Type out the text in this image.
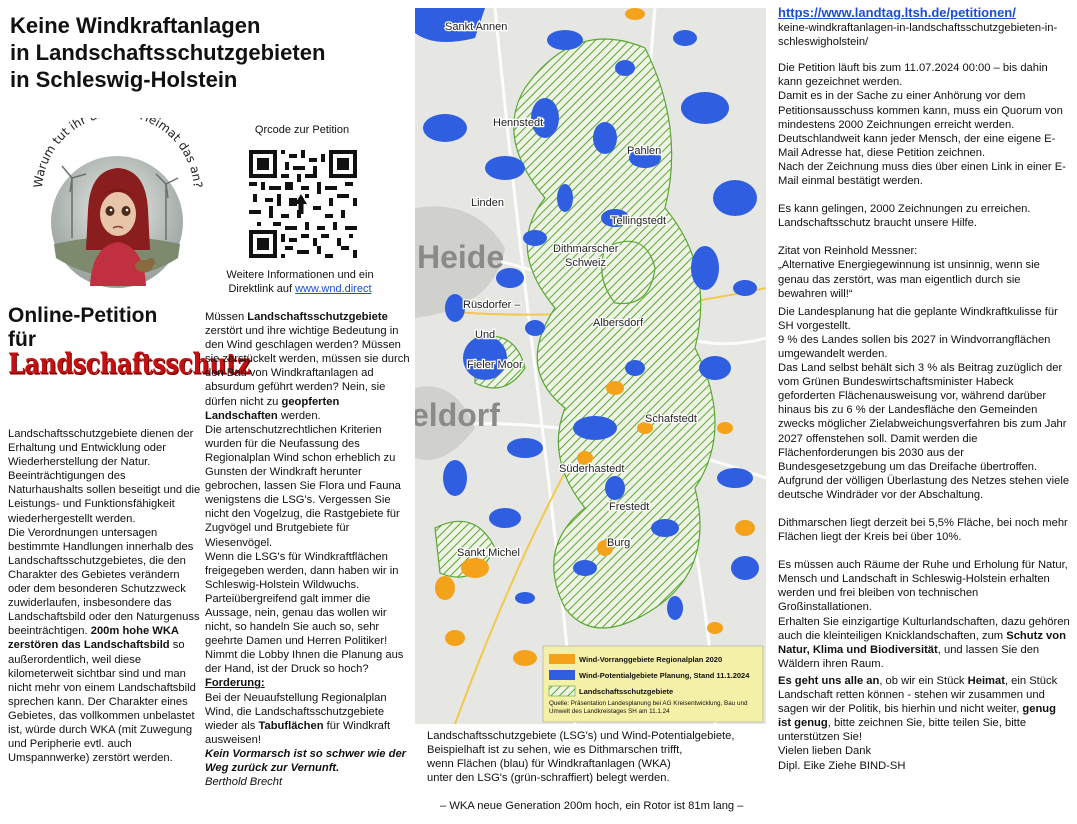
Keine Windkraftanlagen
in Landschaftsschutzgebieten
in Schleswig-Holstein
Warum tut ihr eimat das an?
Qrcode zur Petition
Weitere Informationen und ein Direktlink auf www.wnd.direct
Online-Petition
für
Landschaftsschutz

Landschaftsschutzgebiete dienen der Erhaltung und Entwicklung oder Wiederherstellung der Natur. Beeinträchtigungen des Naturhaushalts sollen beseitigt und die Leistungs- und Funktionsfähigkeit wiederhergestellt werden.

Die Verordnungen untersagen bestimmte Handlungen innerhalb des Landschaftsschutzgebietes, die den Charakter des Gebietes verändern oder dem besonderen Schutzzweck zuwiderlaufen, insbesondere das Landschaftsbild oder den Naturgenuss beeinträchtigen. 200m hohe WKA zerstören das Landschaftsbild so außerordentlich, weil diese kilometerweit sichtbar sind und man nicht mehr von einem Landschaftsbild sprechen kann. Der Charakter eines Gebietes, das vollkommen unbelastet ist, würde durch WKA (mit Zuwegung und Peripherie evtl. auch Umspannwerke) zerstört werden.

Müssen Landschaftsschutzgebiete zerstört und ihre wichtige Bedeutung in den Wind geschlagen werden? Müssen sie zerstückelt werden, müssen sie durch den Bau von Windkraftanlagen ad absurdum geführt werden? Nein, sie dürfen nicht zu geopferten Landschaften werden.

Die artenschutzrechtlichen Kriterien wurden für die Neufassung des Regionalplan Wind schon erheblich zu Gunsten der Windkraft herunter gebrochen, lassen Sie Flora und Fauna wenigstens die LSG's. Vergessen Sie nicht den Vogelzug, die Rastgebiete für Zugvögel und Brutgebiete für Wiesenvögel.

Wenn die LSG's für Windkraftflächen freigegeben werden, dann haben wir in Schleswig-Holstein Wildwuchs. Parteiübergreifend galt immer die Aussage, nein, genau das wollen wir nicht, so handeln Sie auch so, sehr geehrte Damen und Herren Politiker! Nimmt die Lobby Ihnen die Planung aus der Hand, ist der Druck so hoch?

Forderung:

Bei der Neuaufstellung Regionalplan Wind, die Landschaftsschutzgebiete wieder als Tabuflächen für Windkraft ausweisen!

Kein Vormarsch ist so schwer wie der Weg zurück zur Vernunft.

Berthold Brecht

Sankt Annen
Hennstedt
Pahlen
Linden
Tellingstedt
Dithmarscher
Schweiz
Rüsdorfer –
Und
Fieler Moor
Albersdorf
Schafstedt
Süderhastedt
Frestedt
Burg
Sankt Michel
Heide
eldorf
Wind-Vorranggebiete Regionalplan 2020
Wind-Potentialgebiete Planung, Stand 11.1.2024
Landschaftsschutzgebiete
Quelle: Präsentation Landesplanung bei AG Kreisentwicklung, Bau und Umwelt des Landkreistages SH am 11.1.24
Landschaftsschutzgebiete (LSG's) und Wind-Potentialgebiete,
Beispielhaft ist zu sehen, wie es Dithmarschen trifft,
wenn Flächen (blau) für Windkraftanlagen (WKA)
unter den LSG's (grün-schraffiert) belegt werden.
– WKA neue Generation 200m hoch, ein Rotor ist 81m lang –

https://www.landtag.ltsh.de/petitionen/
keine-windkraftanlagen-in-landschaftsschutzgebieten-in-schleswigholstein/

Die Petition läuft bis zum 11.07.2024 00:00 – bis dahin kann gezeichnet werden.

Damit es in der Sache zu einer Anhörung vor dem Petitionsausschuss kommen kann, muss ein Quorum von mindestens 2000 Zeichnungen erreicht werden.

Deutschlandweit kann jeder Mensch, der eine eigene E-Mail Adresse hat, diese Petition zeichnen.

Nach der Zeichnung muss dies über einen Link in einer E-Mail einmal bestätigt werden.

Es kann gelingen, 2000 Zeichnungen zu erreichen. Landschaftsschutz braucht unsere Hilfe.

Zitat von Reinhold Messner:

„Alternative Energiegewinnung ist unsinnig, wenn sie genau das zerstört, was man eigentlich durch sie bewahren will!“

Die Landesplanung hat die geplante Windkraftkulisse für SH vorgestellt.

9 % des Landes sollen bis 2027 in Windvorrangflächen umgewandelt werden.

Das Land selbst behält sich 3 % als Beitrag zuzüglich der vom Grünen Bundeswirtschaftsminister Habeck geforderten Flächenausweisung vor, während darüber hinaus bis zu 6 % der Landesfläche den Gemeinden zwecks möglicher Zielabweichungsverfahren bis zum Jahr 2027 offenstehen soll. Damit werden die Flächenforderungen bis 2030 aus der Bundesgesetzgebung um das Dreifache übertroffen.

Aufgrund der völligen Überlastung des Netzes stehen viele deutsche Windräder vor der Abschaltung.

Dithmarschen liegt derzeit bei 5,5% Fläche, bei noch mehr Flächen liegt der Kreis bei über 10%.

Es müssen auch Räume der Ruhe und Erholung für Natur, Mensch und Landschaft in Schleswig-Holstein erhalten werden und frei bleiben von technischen Großinstallationen.

Erhalten Sie einzigartige Kulturlandschaften, dazu gehören auch die kleinteiligen Knicklandschaften, zum Schutz von Natur, Klima und Biodiversität, und lassen Sie den Wäldern ihren Raum.

Es geht uns alle an, ob wir ein Stück Heimat, ein Stück Landschaft retten können - stehen wir zusammen und sagen wir der Politik, bis hierhin und nicht weiter, genug ist genug, bitte zeichnen Sie, bitte teilen Sie, bitte unterstützen Sie!

Vielen lieben Dank

Dipl. Eike Ziehe BIND-SH
